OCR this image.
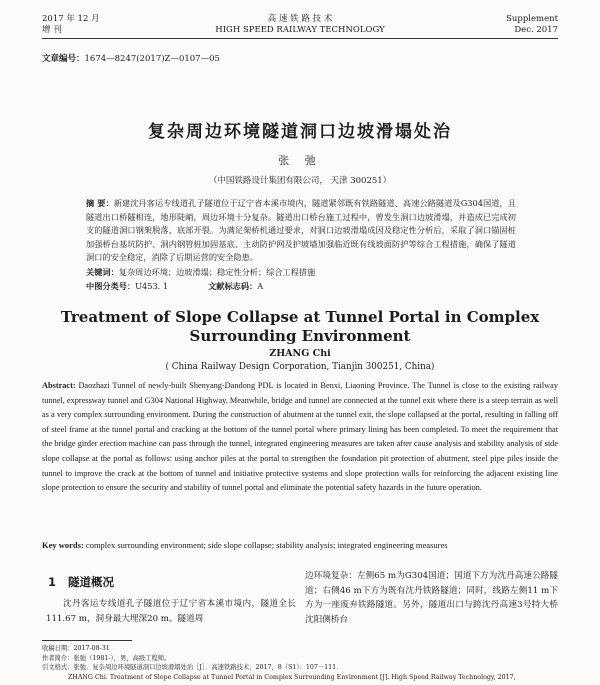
2017 年 12 月
增 刊
高 速 铁 路 技 术
HIGH SPEED RAILWAY TECHNOLOGY
Supplement
Dec. 2017
文章编号：1674—8247(2017)Z—0107—05
复杂周边环境隧道洞口边坡滑塌处治
张 弛
（中国铁路设计集团有限公司， 天津 300251）
摘 要：新建沈丹客运专线道孔子隧道位于辽宁省本溪市境内，隧道紧邻既有铁路隧道、高速公路隧道及G304国道，且隧道出口桥隧相连，地形陡峭，周边环境十分复杂。隧道出口桥台施工过程中，曾发生洞口边坡滑塌，并造成已完成初支的隧道洞口钢架脱落，底部开裂。为满足架桥机通过要求，对洞口边坡滑塌成因及稳定性分析后，采取了洞口锚固桩加强桥台基坑防护、洞内钢管桩加固基底、主动防护网及护坡墙加强临近既有线坡面防护等综合工程措施，确保了隧道洞口的安全稳定，消除了后期运营的安全隐患。
关键词：复杂周边环境；边坡滑塌；稳定性分析；综合工程措施
中图分类号：U453. 1	文献标志码：A
Treatment of Slope Collapse at Tunnel Portal in Complex
Surrounding Environment
ZHANG Chi
( China Railway Design Corporation, Tianjin 300251, China)
Abstract: Daozhazi Tunnel of newly-built Shenyang-Dandong PDL is located in Benxi, Liaoning Province. The Tunnel is close to the existing railway tunnel, expressway tunnel and G304 National Highway. Meanwhile, bridge and tunnel are connected at the tunnel exit where there is a steep terrain as well as a very complex surrounding environment. During the construction of abutment at the tunnel exit, the slope collapsed at the portal, resulting in falling off of steel frame at the tunnel portal and cracking at the bottom of the tunnel portal where primary lining has been completed. To meet the requirement that the bridge girder erection machine can pass through the tunnel, integrated engineering measures are taken after cause analysis and stability analysis of side slope collapse at the portal as follows: using anchor piles at the portal to strengthen the foundation pit protection of abutment, steel pipe piles inside the tunnel to improve the crack at the bottom of tunnel and initiative protective systems and slope protection walls for reinforcing the adjacent existing line slope protection to ensure the security and stability of tunnel portal and eliminate the potential safety hazards in the future operation.
Key words: complex surrounding environment; side slope collapse; stability analysis; integrated engineering measures
1 隧道概况
沈丹客运专线道孔子隧道位于辽宁省本溪市境内，隧道全长111.67 m，洞身最大埋深20 m。隧道周
边环境复杂：左侧65 m为G304国道；国道下方为沈丹高速公路隧道；右侧46 m下方为既有沈丹铁路隧道；同时，线路左侧11 m下方为一座废弃铁路隧道。另外，隧道出口与跨沈丹高速3号特大桥沈阳侧桥台
收稿日期：2017-08-31
作者简介：张弛（1981-），男，高级工程师。
引文格式：张弛．复杂周边环境隧道洞口边坡滑塌处治［J］．高速铁路技术，2017，8（S1）：107－111．
ZHANG Chi. Treatment of Slope Collapse at Tunnel Portal in Complex Surrounding Environment [J]. High Speed Railway Technology, 2017,
